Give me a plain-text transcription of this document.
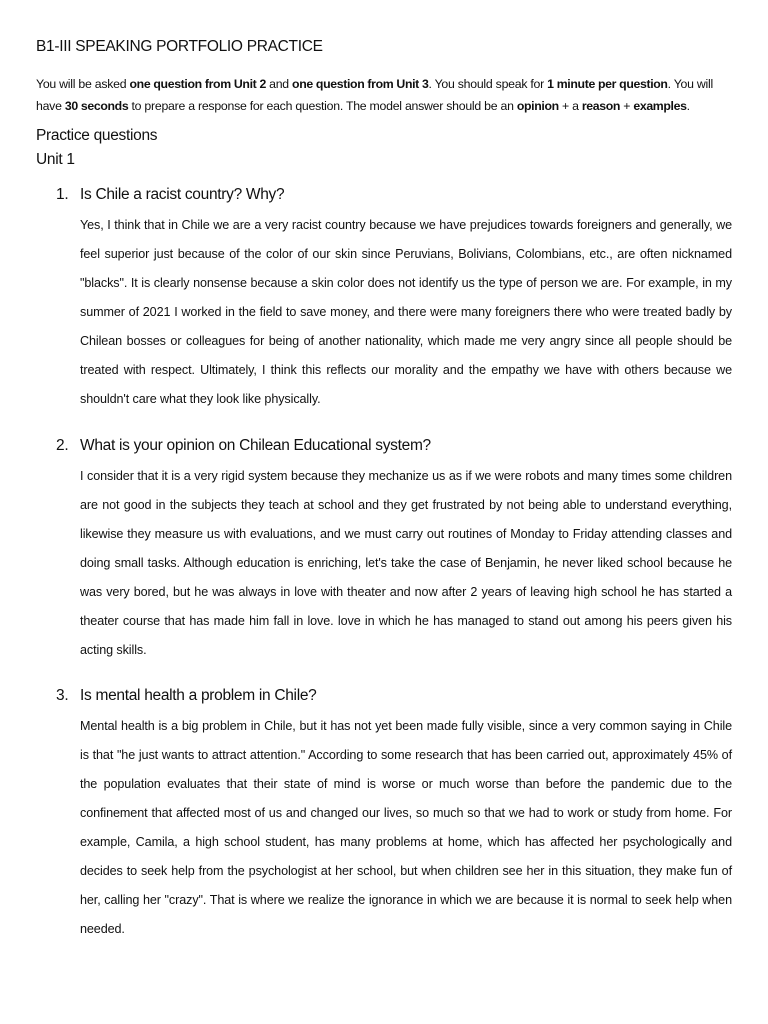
B1-III SPEAKING PORTFOLIO PRACTICE

You will be asked one question from Unit 2 and one question from Unit 3. You should speak for 1 minute per question. You will have 30 seconds to prepare a response for each question. The model answer should be an opinion + a reason + examples.

Practice questions
Unit 1
1. Is Chile a racist country? Why?

Yes, I think that in Chile we are a very racist country because we have prejudices towards foreigners and generally, we feel superior just because of the color of our skin since Peruvians, Bolivians, Colombians, etc., are often nicknamed "blacks". It is clearly nonsense because a skin color does not identify us the type of person we are. For example, in my summer of 2021 I worked in the field to save money, and there were many foreigners there who were treated badly by Chilean bosses or colleagues for being of another nationality, which made me very angry since all people should be treated with respect. Ultimately, I think this reflects our morality and the empathy we have with others because we shouldn't care what they look like physically.

2. What is your opinion on Chilean Educational system?

I consider that it is a very rigid system because they mechanize us as if we were robots and many times some children are not good in the subjects they teach at school and they get frustrated by not being able to understand everything, likewise they measure us with evaluations, and we must carry out routines of Monday to Friday attending classes and doing small tasks. Although education is enriching, let's take the case of Benjamin, he never liked school because he was very bored, but he was always in love with theater and now after 2 years of leaving high school he has started a theater course that has made him fall in love. love in which he has managed to stand out among his peers given his acting skills.

3. Is mental health a problem in Chile?

Mental health is a big problem in Chile, but it has not yet been made fully visible, since a very common saying in Chile is that "he just wants to attract attention." According to some research that has been carried out, approximately 45% of the population evaluates that their state of mind is worse or much worse than before the pandemic due to the confinement that affected most of us and changed our lives, so much so that we had to work or study from home. For example, Camila, a high school student, has many problems at home, which has affected her psychologically and decides to seek help from the psychologist at her school, but when children see her in this situation, they make fun of her, calling her "crazy". That is where we realize the ignorance in which we are because it is normal to seek help when needed.
